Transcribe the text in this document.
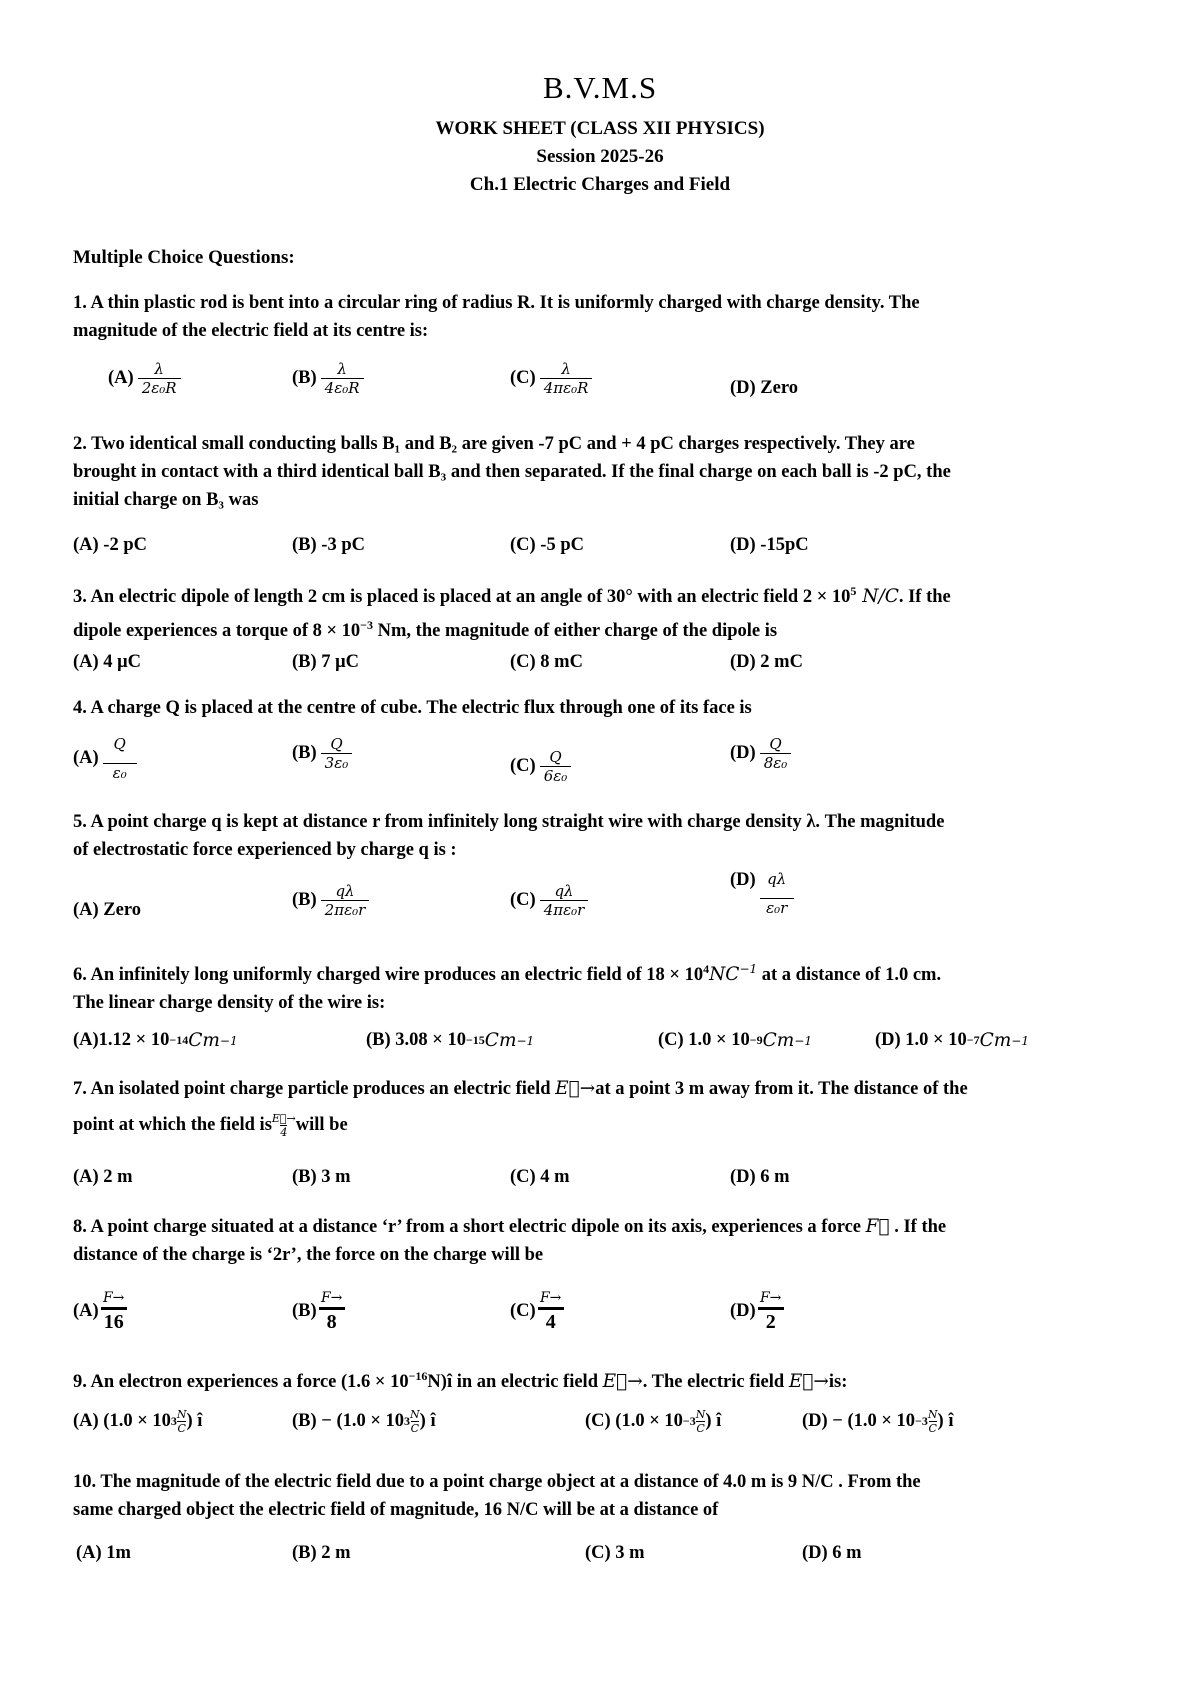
B.V.M.S
WORK SHEET (CLASS XII PHYSICS)
Session 2025-26
Ch.1 Electric Charges and Field
Multiple Choice Questions:
1. A thin plastic rod is bent into a circular ring of radius R. It is uniformly charged with charge density. The
magnitude of the electric field at its centre is:
$(A) \frac{\lambda}{\text{2ε₀R}}$	$(B) \frac{\lambda}{\text{4ε₀R}}$	$(C) \frac{\lambda}{\text{4πε₀R}}$	(D) Zero
2. Two identical small conducting balls B₁ and B₂ are given -7 pC and + 4 pC charges respectively. They are
brought in contact with a third identical ball B₃ and then separated. If the final charge on each ball is -2 pC, the
initial charge on B₃ was
(A) -2 pC	(B) -3 pC	(C) -5 pC	(D) -15pC
3. An electric dipole of length 2 cm is placed is placed at an angle of 30° with an electric field $2 \times 10^5$ N/C. If the
dipole experiences a torque of $8 \times 10^{-3}$ Nm, the magnitude of either charge of the dipole is
(A) 4 μC	(B) 7 μC	(C) 8 mC	(D) 2 mC
4. A charge Q is placed at the centre of cube. The electric flux through one of its face is
$(A) \frac{Q}{\text{ε₀}}$	$(B) \frac{Q}{\text{3ε₀}}$	$(C) \frac{Q}{\text{6ε₀}}$	$(D) \frac{Q}{\text{8ε₀}}$
5. A point charge q is kept at distance r from infinitely long straight wire with charge density λ. The magnitude
of electrostatic force experienced by charge q is :
(A) Zero	$(B) \frac{q\lambda}{\text{2πε₀r}}$	$(C) \frac{q\lambda}{\text{4πε₀r}}$
$(D) \frac{q\lambda}{\text{ε₀r}}$
6. An infinitely long uniformly charged wire produces an electric field of $18 \times 10^4NC^{-1}$ at a distance of 1.0 cm.
The linear charge density of the wire is:
(A)1.12 × 10 −14 Cm −1	(B) 3.08 × 10 −15 Cm −1	(C) 1.0 × 10 −9 Cm −1	(D) 1.0 × 10 −7 Cm −1
7. An isolated point charge particle produces an electric field E⃗→at a point 3 m away from it. The distance of the
point at which the field is E⃗→
4 will be
(A) 2 m	(B) 3 m	(C) 4 m	(D) 6 m
8. A point charge situated at a distance ‘r’ from a short electric dipole on its axis, experiences a force F⃗ . If the
distance of the charge is ‘2r’, the force on the charge will be
$(A) \frac{F\to}{16}$	$(B) \frac{F\to}{8}$	$(C) \frac{F\to}{4}$	$(D) \frac{F\to}{2}$
9. An electron experiences a force $(1.6 \times 10^{-16}N)î$ in an electric field E⃗→. The electric field E⃗→is:
(A) (1.0 × 10 3 N
C ) î	(B) − (1.0 × 10 3 N
C ) î	(C) (1.0 × 10 −3 N
C ) î	(D) − (1.0 × 10 −3 N
C ) î
10. The magnitude of the electric field due to a point charge object at a distance of 4.0 m is 9 N/C . From the
same charged object the electric field of magnitude, 16 N/C will be at a distance of
(A) 1m	(B) 2 m	(C) 3 m	(D) 6 m
